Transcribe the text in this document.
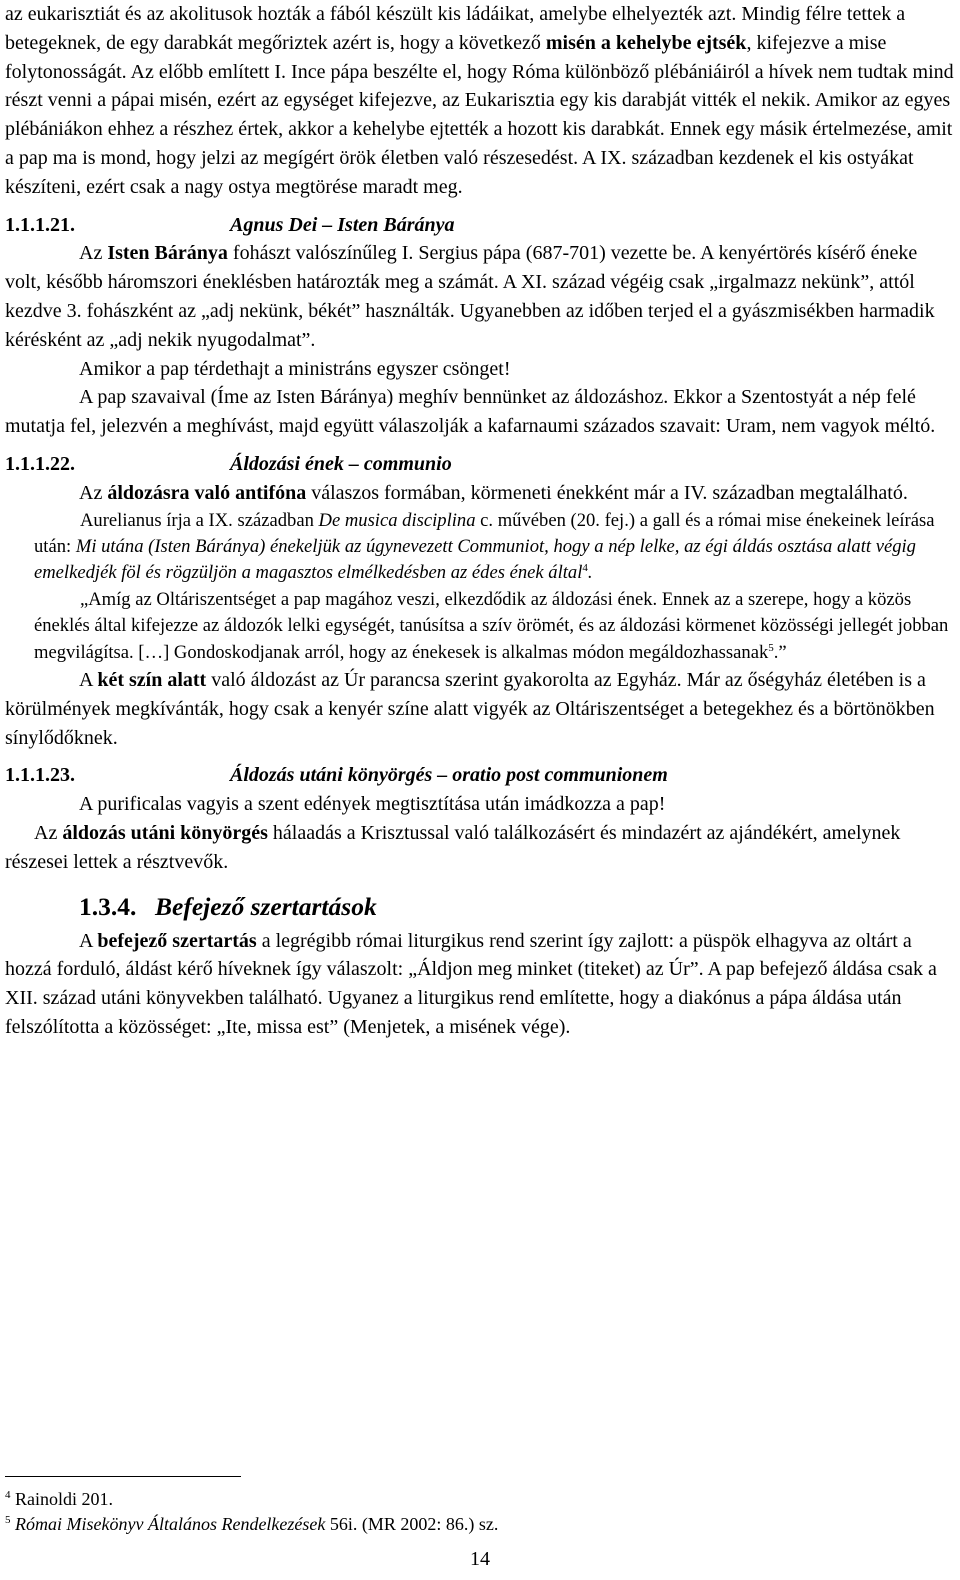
az eukarisztiát és az akolitusok hozták a fából készült kis ládáikat, amelybe elhelyezték azt. Mindig félre tettek a betegeknek, de egy darabkát megőriztek azért is, hogy a következő misén a kehelybe ejtsék, kifejezve a mise folytonosságát. Az előbb említett I. Ince pápa beszélte el, hogy Róma különböző plébániáiról a hívek nem tudtak mind részt venni a pápai misén, ezért az egységet kifejezve, az Eukarisztia egy kis darabját vitték el nekik. Amikor az egyes plébániákon ehhez a részhez értek, akkor a kehelybe ejtették a hozott kis darabkát. Ennek egy másik értelmezése, amit a pap ma is mond, hogy jelzi az megígért örök életben való részesedést. A IX. században kezdenek el kis ostyákat készíteni, ezért csak a nagy ostya megtörése maradt meg.

1.1.1.21.	Agnus Dei – Isten Báránya

Az Isten Báránya fohászt valószínűleg I. Sergius pápa (687-701) vezette be. A kenyértörés kísérő éneke volt, később háromszori éneklésben határozták meg a számát. A XI. század végéig csak „irgalmazz nekünk”, attól kezdve 3. fohászként az „adj nekünk, békét” használták. Ugyanebben az időben terjed el a gyászmisékben harmadik kérésként az „adj nekik nyugodalmat”.

Amikor a pap térdethajt a ministráns egyszer csönget!

A pap szavaival (Íme az Isten Báránya) meghív bennünket az áldozáshoz. Ekkor a Szentostyát a nép felé mutatja fel, jelezvén a meghívást, majd együtt válaszolják a kafarnaumi százados szavait: Uram, nem vagyok méltó.

1.1.1.22.	Áldozási ének – communio

Az áldozásra való antifóna válaszos formában, körmeneti énekként már a IV. században megtalálható.

Aurelianus írja a IX. században De musica disciplina c. művében (20. fej.) a gall és a római mise énekeinek leírása után: Mi utána (Isten Báránya) énekeljük az úgynevezett Communiot, hogy a nép lelke, az égi áldás osztása alatt végig emelkedjék föl és rögzüljön a magasztos elmélkedésben az édes ének által$^4$.

„Amíg az Oltáriszentséget a pap magához veszi, elkezdődik az áldozási ének. Ennek az a szerepe, hogy a közös éneklés által kifejezze az áldozók lelki egységét, tanúsítsa a szív örömét, és az áldozási körmenet közösségi jellegét jobban megvilágítsa. […] Gondoskodjanak arról, hogy az énekesek is alkalmas módon megáldozhassanak$^5$.”

A két szín alatt való áldozást az Úr parancsa szerint gyakorolta az Egyház. Már az őségyház életében is a körülmények megkívánták, hogy csak a kenyér színe alatt vigyék az Oltáriszentséget a betegekhez és a börtönökben sínylődőknek.

1.1.1.23.	Áldozás utáni könyörgés – oratio post communionem

A purificalas vagyis a szent edények megtisztítása után imádkozza a pap!

Az áldozás utáni könyörgés hálaadás a Krisztussal való találkozásért és mindazért az ajándékért, amelynek részesei lettek a résztvevők.

1.3.4. Befejező szertartások

A befejező szertartás a legrégibb római liturgikus rend szerint így zajlott: a püspök elhagyva az oltárt a hozzá forduló, áldást kérő híveknek így válaszolt: „Áldjon meg minket (titeket) az Úr”. A pap befejező áldása csak a XII. század utáni könyvekben található. Ugyanez a liturgikus rend említette, hogy a diakónus a pápa áldása után felszólította a közösséget: „Ite, missa est” (Menjetek, a misének vége).

$^4$ Rainoldi 201.
$^5$ Római Misekönyv Általános Rendelkezések 56i. (MR 2002: 86.) sz.
14
